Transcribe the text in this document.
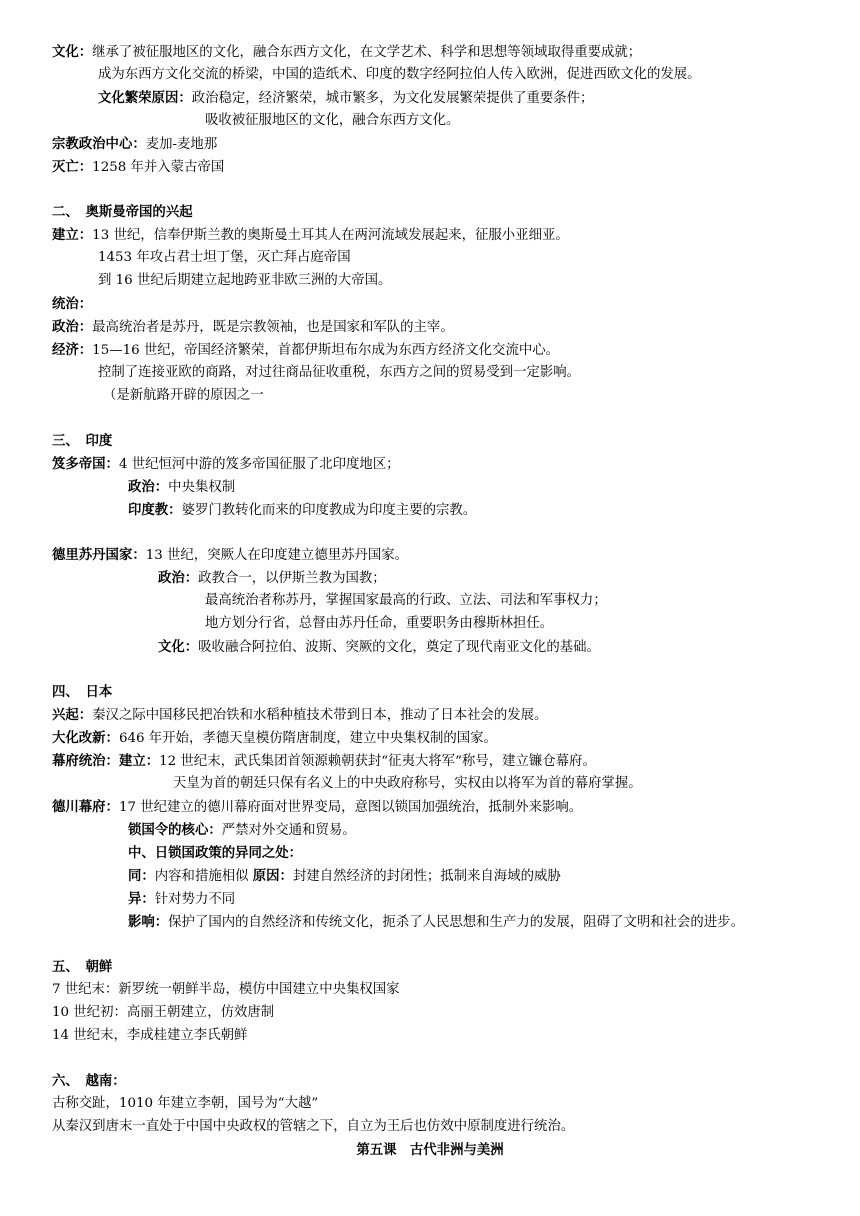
文化：继承了被征服地区的文化，融合东西方文化，在文学艺术、科学和思想等领域取得重要成就；
成为东西方文化交流的桥梁，中国的造纸术、印度的数字经阿拉伯人传入欧洲，促进西欧文化的发展。
文化繁荣原因：政治稳定，经济繁荣，城市繁多，为文化发展繁荣提供了重要条件；
吸收被征服地区的文化，融合东西方文化。
宗教政治中心：麦加-麦地那
灭亡：1258 年并入蒙古帝国
二、　奥斯曼帝国的兴起
建立：13 世纪，信奉伊斯兰教的奥斯曼土耳其人在两河流域发展起来，征服小亚细亚。
1453 年攻占君士坦丁堡，灭亡拜占庭帝国
到 16 世纪后期建立起地跨亚非欧三洲的大帝国。
统治：
政治：最高统治者是苏丹，既是宗教领袖，也是国家和军队的主宰。
经济：15—16 世纪，帝国经济繁荣，首都伊斯坦布尔成为东西方经济文化交流中心。
控制了连接亚欧的商路，对过往商品征收重税，东西方之间的贸易受到一定影响。
（是新航路开辟的原因之一
三、　印度
笈多帝国：4 世纪恒河中游的笈多帝国征服了北印度地区；
政治：中央集权制
印度教：婆罗门教转化而来的印度教成为印度主要的宗教。
德里苏丹国家：13 世纪，突厥人在印度建立德里苏丹国家。
政治：政教合一，以伊斯兰教为国教；
最高统治者称苏丹，掌握国家最高的行政、立法、司法和军事权力；
地方划分行省，总督由苏丹任命，重要职务由穆斯林担任。
文化：吸收融合阿拉伯、波斯、突厥的文化，奠定了现代南亚文化的基础。
四、　日本
兴起：秦汉之际中国移民把冶铁和水稻种植技术带到日本，推动了日本社会的发展。
大化改新：646 年开始，孝德天皇模仿隋唐制度，建立中央集权制的国家。
幕府统治：建立：12 世纪末，武氏集团首领源赖朝获封“征夷大将军”称号，建立镰仓幕府。
天皇为首的朝廷只保有名义上的中央政府称号，实权由以将军为首的幕府掌握。
德川幕府：17 世纪建立的德川幕府面对世界变局，意图以锁国加强统治，抵制外来影响。
锁国令的核心：严禁对外交通和贸易。
中、日锁国政策的异同之处：
同：内容和措施相似 原因：封建自然经济的封闭性；抵制来自海域的威胁
异：针对势力不同
影响：保护了国内的自然经济和传统文化，扼杀了人民思想和生产力的发展，阻碍了文明和社会的进步。
五、　朝鲜
7 世纪末：新罗统一朝鲜半岛，模仿中国建立中央集权国家
10 世纪初：高丽王朝建立，仿效唐制
14 世纪末，李成桂建立李氏朝鲜
六、　越南：
古称交趾，1010 年建立李朝，国号为“大越”
从秦汉到唐末一直处于中国中央政权的管辖之下，自立为王后也仿效中原制度进行统治。
第五课　古代非洲与美洲
